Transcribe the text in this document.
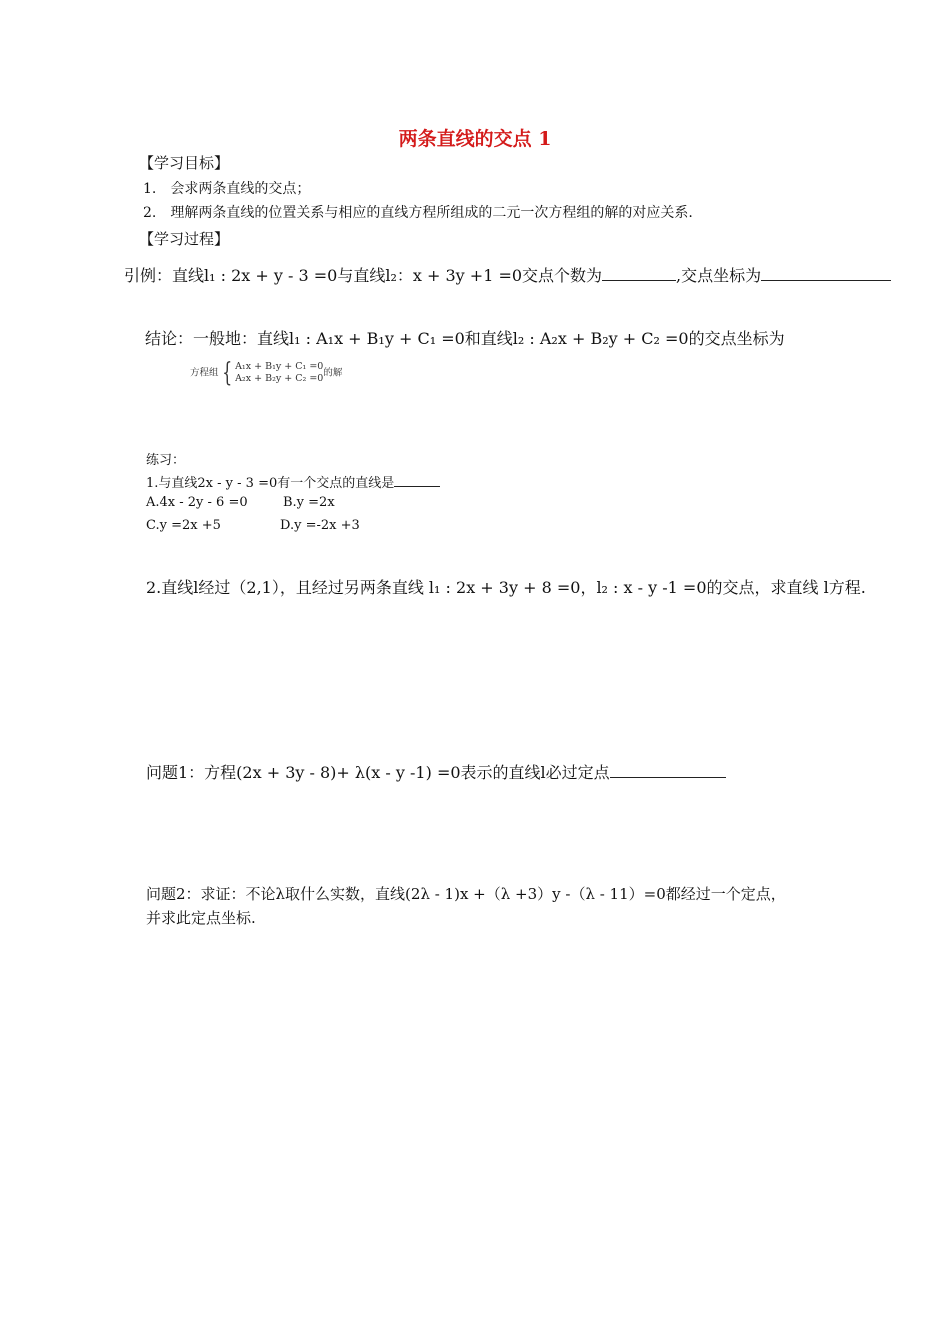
两条直线的交点 1
【学习目标】
1.　会求两条直线的交点；
2.　理解两条直线的位置关系与相应的直线方程所组成的二元一次方程组的解的对应关系.
【学习过程】
引例：直线l₁ : 2x + y - 3 =0与直线l₂：x + 3y +1 =0交点个数为	,交点坐标为
结论：一般地：直线l₁ : A₁x + B₁y + C₁ =0和直线l₂ : A₂x + B₂y + C₂ =0的交点坐标为
方程组 { A₁x + B₁y + C₁ =0
A₂x + B₂y + C₂ =0 的解
练习：
1.与直线2x - y - 3 =0有一个交点的直线是
A.4x - 2y - 6 =0	B.y =2x
C.y =2x +5	D.y =-2x +3
2.直线l经过（2,1），且经过另两条直线 l₁ : 2x + 3y + 8 =0，l₂ : x - y -1 =0的交点，求直线 l方程.
问题1：方程(2x + 3y - 8)+ λ(x - y -1) =0表示的直线l必过定点
问题2：求证：不论λ取什么实数，直线(2λ - 1)x +（λ +3）y -（λ - 11）=0都经过一个定点，
并求此定点坐标.
